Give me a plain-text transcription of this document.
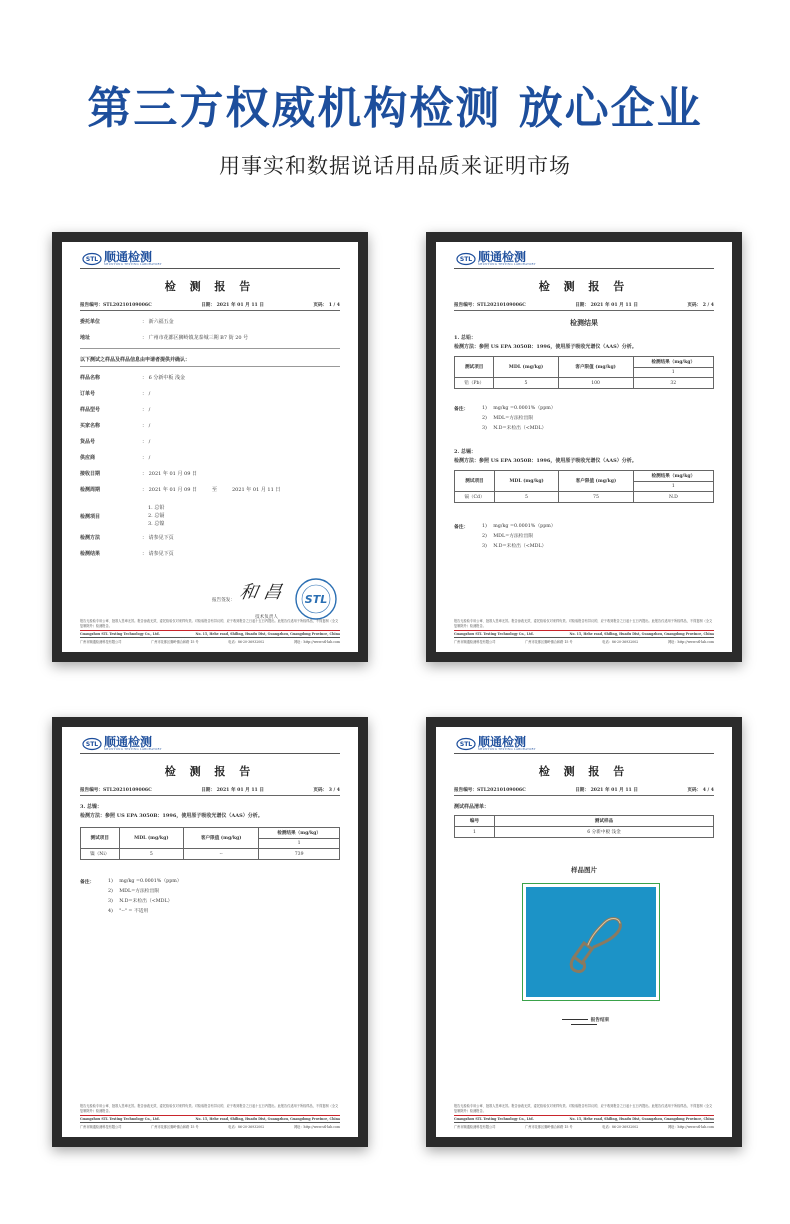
第三方权威机构检测 放心企业
用事实和数据说话用品质来证明市场
STL 顺通检测
SHUNTONG TESTING LABORATORY
检 测 报 告
报告编号：STL20210109006C	日期： 2021 年 01 月 11 日	页码： 1 / 4
委托单位	： 新六福五金
地址	： 广州市花都区狮岭镇龙泰城三期 B7 街 20 号
以下测试之样品及样品信息由申请者提供并确认：
样品名称	： 6 分新中板 浅金
订单号	： /
样品型号	： /
买家名称	： /
货品号	： /
供应商	： /
接收日期	： 2021 年 01 月 09 日
检测周期	： 2021 年 01 月 09 日　　　至　　　2021 年 01 月 11 日
检测项目
1. 总铅
2. 总镉
3. 总镍
检测方法	： 请参见下页
检测结果	： 请参见下页
报告签发： 和 昌 STL
技术负责人
报告无检验专用公章、批准人签章无效。报告涂改无效，委托检验仅对来样负责。对检验报告有异议的，应于收到报告之日起十五日内提出。此报告仅适用于所检样品，不得复制（全文复制除外）检测报告。
Guangzhou STL Testing Technology Co., Ltd.	No. 15, Hehe road, Shiling, Huadu Dist, Guangzhou, Guangdong Province, China
广州市顺通检测科技有限公司	广州市花都区狮岭镇合和路 15 号	电话：86-20-36932002	网址：http://www.stl-lab.com
STL 顺通检测
SHUNTONG TESTING LABORATORY
检 测 报 告
报告编号：STL20210109006C	日期： 2021 年 01 月 11 日	页码： 2 / 4
检测结果
1. 总铅：
检测方法：参照 US EPA 3050B：1996，使用原子吸收光谱仪（AAS）分析。
测试项目	MDL (mg/kg)	客户限值 (mg/kg)	检测结果（mg/kg）
			1
铅（Pb）	5	100	32
备注：	1)　 mg/kg =0.0001%（ppm）
2)　 MDL=方法检出限
3)　 N.D=未检出（<MDL）
2. 总镉：
检测方法：参照 US EPA 3050B：1996，使用原子吸收光谱仪（AAS）分析。
测试项目	MDL (mg/kg)	客户限值 (mg/kg)	检测结果（mg/kg）
			1
镉（Cd）	5	75	N.D
备注：	1)　 mg/kg =0.0001%（ppm）
2)　 MDL=方法检出限
3)　 N.D=未检出（<MDL）
报告无检验专用公章、批准人签章无效。报告涂改无效，委托检验仅对来样负责。对检验报告有异议的，应于收到报告之日起十五日内提出。此报告仅适用于所检样品，不得复制（全文复制除外）检测报告。
Guangzhou STL Testing Technology Co., Ltd.	No. 15, Hehe road, Shiling, Huadu Dist, Guangzhou, Guangdong Province, China
广州市顺通检测科技有限公司	广州市花都区狮岭镇合和路 15 号	电话：86-20-36932002	网址：http://www.stl-lab.com
STL 顺通检测
SHUNTONG TESTING LABORATORY
检 测 报 告
报告编号：STL20210109006C	日期： 2021 年 01 月 11 日	页码： 3 / 4
3. 总镍：
检测方法：参照 US EPA 3050B：1996，使用原子吸收光谱仪（AAS）分析。
测试项目	MDL (mg/kg)	客户限值 (mg/kg)	检测结果（mg/kg）
			1
镍（Ni）	5	--	739
备注：	1)　 mg/kg =0.0001%（ppm）
2)　 MDL=方法检出限
3)　 N.D=未检出（<MDL）
4)　 "--" = 不适用
报告无检验专用公章、批准人签章无效。报告涂改无效，委托检验仅对来样负责。对检验报告有异议的，应于收到报告之日起十五日内提出。此报告仅适用于所检样品，不得复制（全文复制除外）检测报告。
Guangzhou STL Testing Technology Co., Ltd.	No. 15, Hehe road, Shiling, Huadu Dist, Guangzhou, Guangdong Province, China
广州市顺通检测科技有限公司	广州市花都区狮岭镇合和路 15 号	电话：86-20-36932002	网址：http://www.stl-lab.com
STL 顺通检测
SHUNTONG TESTING LABORATORY
检 测 报 告
报告编号：STL20210109006C	日期： 2021 年 01 月 11 日	页码： 4 / 4
测试样品清单：
编号	测试样品
1	6 分新中板 浅金
样品图片
报告结束
报告无检验专用公章、批准人签章无效。报告涂改无效，委托检验仅对来样负责。对检验报告有异议的，应于收到报告之日起十五日内提出。此报告仅适用于所检样品，不得复制（全文复制除外）检测报告。
Guangzhou STL Testing Technology Co., Ltd.	No. 15, Hehe road, Shiling, Huadu Dist, Guangzhou, Guangdong Province, China
广州市顺通检测科技有限公司	广州市花都区狮岭镇合和路 15 号	电话：86-20-36932002	网址：http://www.stl-lab.com
